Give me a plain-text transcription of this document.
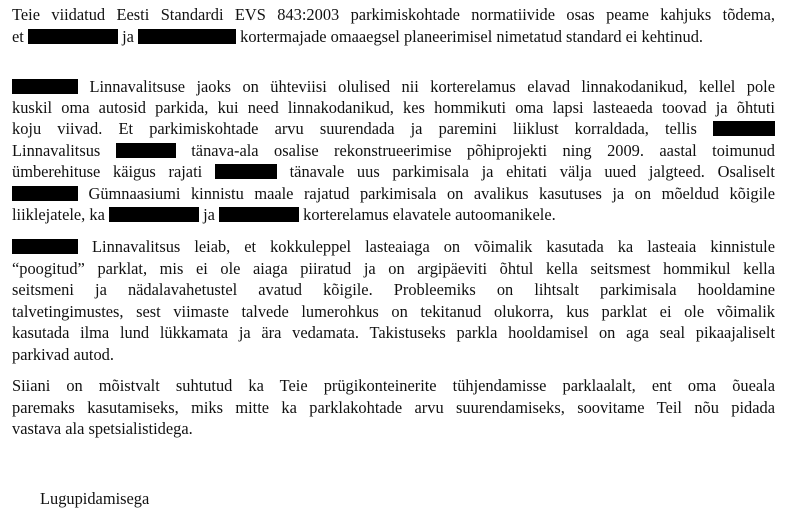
Teie viidatud Eesti Standardi EVS 843:2003 parkimiskohtade normatiivide osas peame kahjuks tõdema,
et	ja	kortermajade omaaegsel planeerimisel nimetatud standard ei kehtinud.
Linnavalitsuse jaoks on ühteviisi olulised nii korterelamus elavad linnakodanikud, kellel pole
kuskil oma autosid parkida, kui need linnakodanikud, kes hommikuti oma lapsi lasteaeda toovad ja õhtuti
koju viivad. Et parkimiskohtade arvu suurendada ja paremini liiklust korraldada, tellis
Linnavalitsus	tänava-ala osalise rekonstrueerimise põhiprojekti ning 2009. aastal toimunud
ümberehituse käigus rajati	tänavale uus parkimisala ja ehitati välja uued jalgteed. Osaliselt
Gümnaasiumi kinnistu maale rajatud parkimisala on avalikus kasutuses ja on mõeldud kõigile
liiklejatele, ka	ja	korterelamus elavatele autoomanikele.
Linnavalitsus leiab, et kokkuleppel lasteaiaga on võimalik kasutada ka lasteaia kinnistule
“poogitud” parklat, mis ei ole aiaga piiratud ja on argipäeviti õhtul kella seitsmest hommikul kella
seitsmeni ja nädalavahetustel avatud kõigile. Probleemiks on lihtsalt parkimisala hooldamine
talvetingimustes, sest viimaste talvede lumerohkus on tekitanud olukorra, kus parklat ei ole võimalik
kasutada ilma lund lükkamata ja ära vedamata. Takistuseks parkla hooldamisel on aga seal pikaajaliselt
parkivad autod.
Siiani on mõistvalt suhtutud ka Teie prügikonteinerite tühjendamisse parklaalalt, ent oma õueala
paremaks kasutamiseks, miks mitte ka parklakohtade arvu suurendamiseks, soovitame Teil nõu pidada
vastava ala spetsialistidega.
Lugupidamisega
